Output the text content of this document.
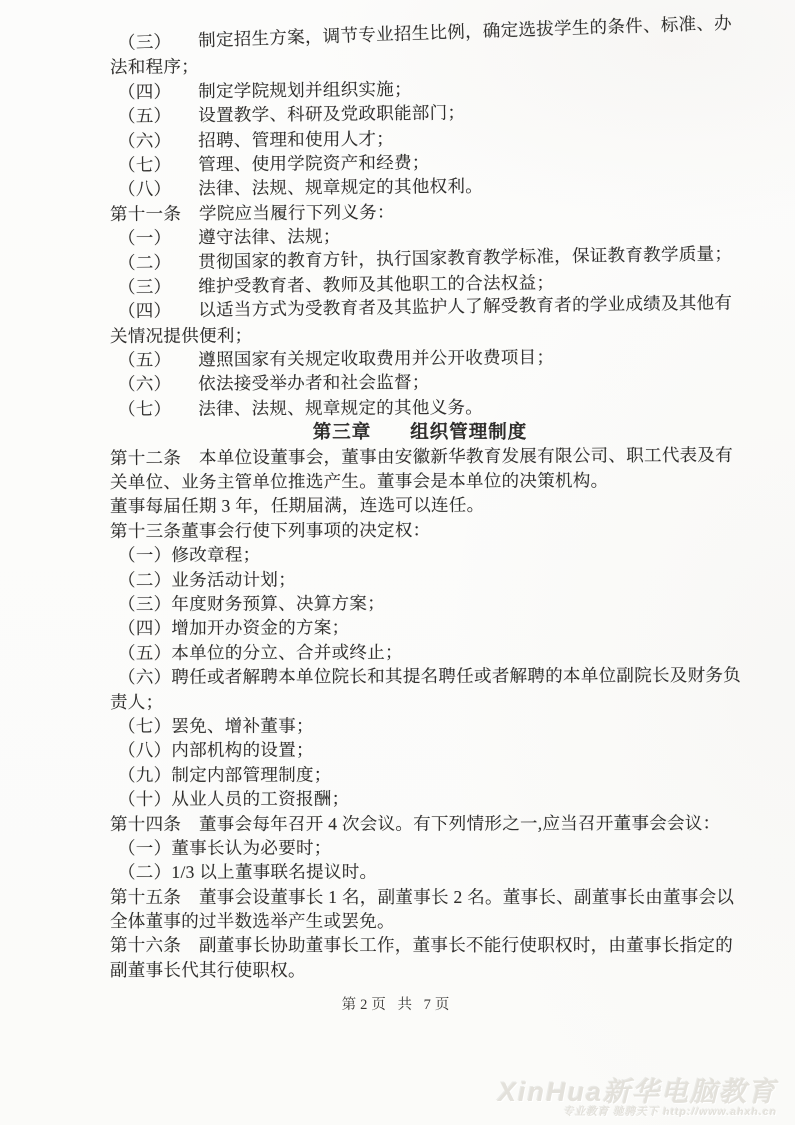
（三）　　制定招生方案，调节专业招生比例，确定选拔学生的条件、标准、办
法和程序；
（四）　　制定学院规划并组织实施；
（五）　　设置教学、科研及党政职能部门；
（六）　　招聘、管理和使用人才；
（七）　　管理、使用学院资产和经费；
（八）　　法律、法规、规章规定的其他权利。
第十一条　学院应当履行下列义务：
（一）　　遵守法律、法规；
（二）　　贯彻国家的教育方针，执行国家教育教学标准，保证教育教学质量；
（三）　　维护受教育者、教师及其他职工的合法权益；
（四）　　以适当方式为受教育者及其监护人了解受教育者的学业成绩及其他有
关情况提供便利；
（五）　　遵照国家有关规定收取费用并公开收费项目；
（六）　　依法接受举办者和社会监督；
（七）　　法律、法规、规章规定的其他义务。
第三章　　组织管理制度
第十二条　本单位设董事会，董事由安徽新华教育发展有限公司、职工代表及有
关单位、业务主管单位推选产生。董事会是本单位的决策机构。
董事每届任期 3 年，任期届满，连选可以连任。
第十三条董事会行使下列事项的决定权：
（一）修改章程；
（二）业务活动计划；
（三）年度财务预算、决算方案；
（四）增加开办资金的方案；
（五）本单位的分立、合并或终止；
（六）聘任或者解聘本单位院长和其提名聘任或者解聘的本单位副院长及财务负
责人；
（七）罢免、增补董事；
（八）内部机构的设置；
（九）制定内部管理制度；
（十）从业人员的工资报酬；
第十四条　董事会每年召开 4 次会议。有下列情形之一,应当召开董事会会议：
（一）董事长认为必要时；
（二）1/3 以上董事联名提议时。
第十五条　董事会设董事长 1 名，副董事长 2 名。董事长、副董事长由董事会以
全体董事的过半数选举产生或罢免。
第十六条　副董事长协助董事长工作，董事长不能行使职权时，由董事长指定的
副董事长代其行使职权。
第2页 共 7页
XinHua新华电脑教育
专业教育 驰骋天下 http://www.ahxh.cn
